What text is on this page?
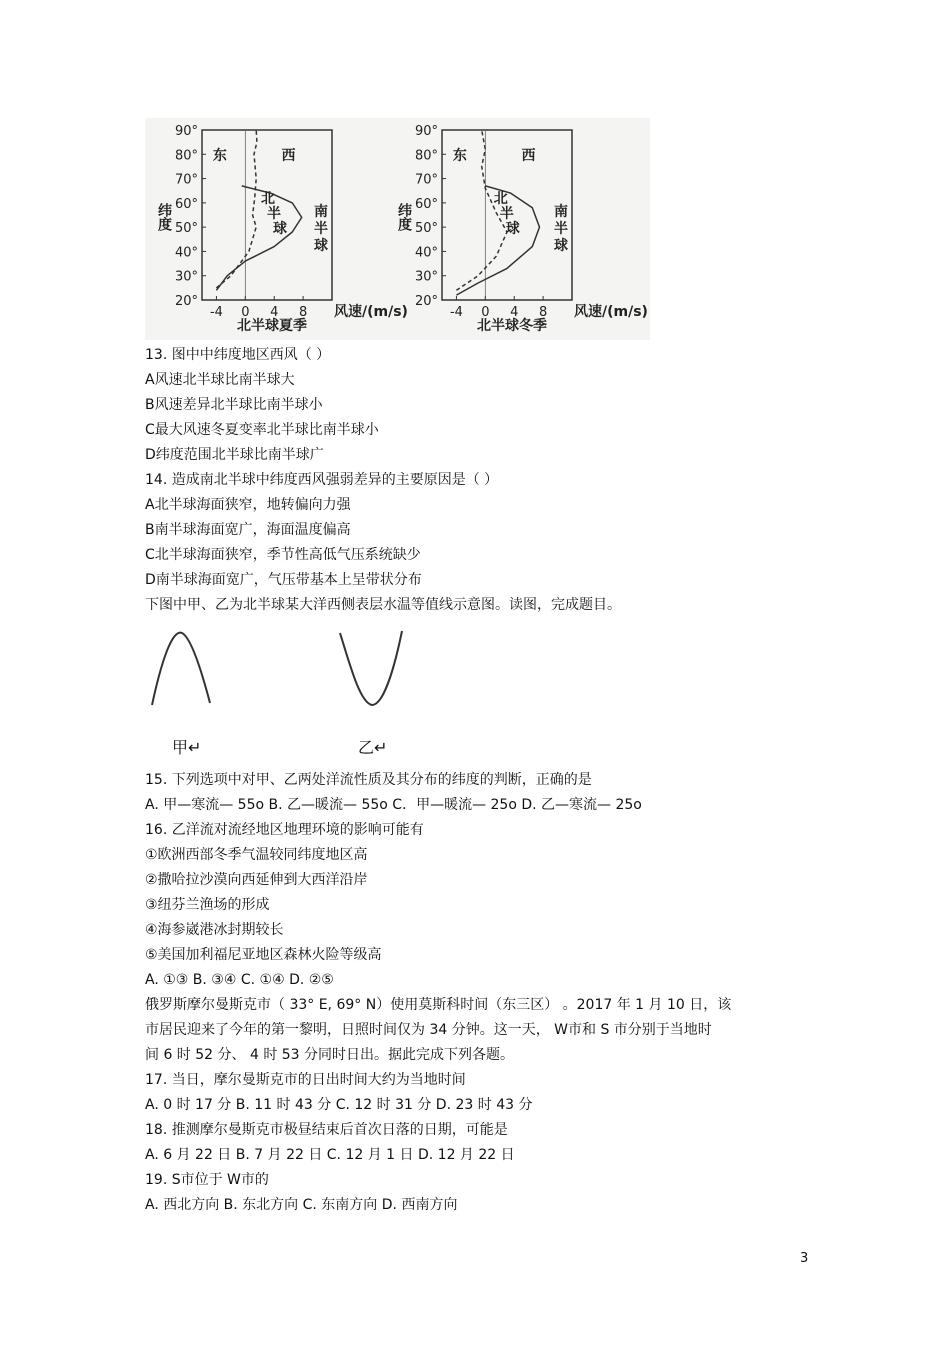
90°
80°
70°
60°
50°
40°
30°
20°
-4 0 4 8 风速/(m/s)
纬度
东	西
北
半
球
南
半
球
北半球夏季
90°
80°
70°
60°
50°
40°
30°
20°
-4 0 4 8 风速/(m/s)
纬度
东	西
北
半
球
南
半
球
北半球冬季
13. 图中中纬度地区西风（ ）
A风速北半球比南半球大
B风速差异北半球比南半球小
C最大风速冬夏变率北半球比南半球小
D纬度范围北半球比南半球广
14. 造成南北半球中纬度西风强弱差异的主要原因是（ ）
A北半球海面狭窄，地转偏向力强
B南半球海面宽广，海面温度偏高
C北半球海面狭窄，季节性高低气压系统缺少
D南半球海面宽广，气压带基本上呈带状分布
下图中甲、乙为北半球某大洋西侧表层水温等值线示意图。读图，完成题目。
15. 下列选项中对甲、乙两处洋流性质及其分布的纬度的判断，正确的是
A. 甲—寒流— 55o B. 乙—暖流— 55o C．甲—暖流— 25o D. 乙—寒流— 25o
16. 乙洋流对流经地区地理环境的影响可能有
①欧洲西部冬季气温较同纬度地区高
②撒哈拉沙漠向西延伸到大西洋沿岸
③纽芬兰渔场的形成
④海参崴港冰封期较长
⑤美国加利福尼亚地区森林火险等级高
A. ①③ B. ③④ C. ①④ D. ②⑤
俄罗斯摩尔曼斯克市（ 33° E, 69° N）使用莫斯科时间（东三区） 。2017 年 1 月 10 日，该
市居民迎来了今年的第一黎明，日照时间仅为 34 分钟。这一天， W市和 S 市分别于当地时
间 6 时 52 分、 4 时 53 分同时日出。据此完成下列各题。
17. 当日，摩尔曼斯克市的日出时间大约为当地时间
A. 0 时 17 分 B. 11 时 43 分 C. 12 时 31 分 D. 23 时 43 分
18. 推测摩尔曼斯克市极昼结束后首次日落的日期，可能是
A. 6 月 22 日 B. 7 月 22 日 C. 12 月 1 日 D. 12 月 22 日
19. S市位于 W市的
A. 西北方向 B. 东北方向 C. 东南方向 D. 西南方向
甲↵	乙↵
3
